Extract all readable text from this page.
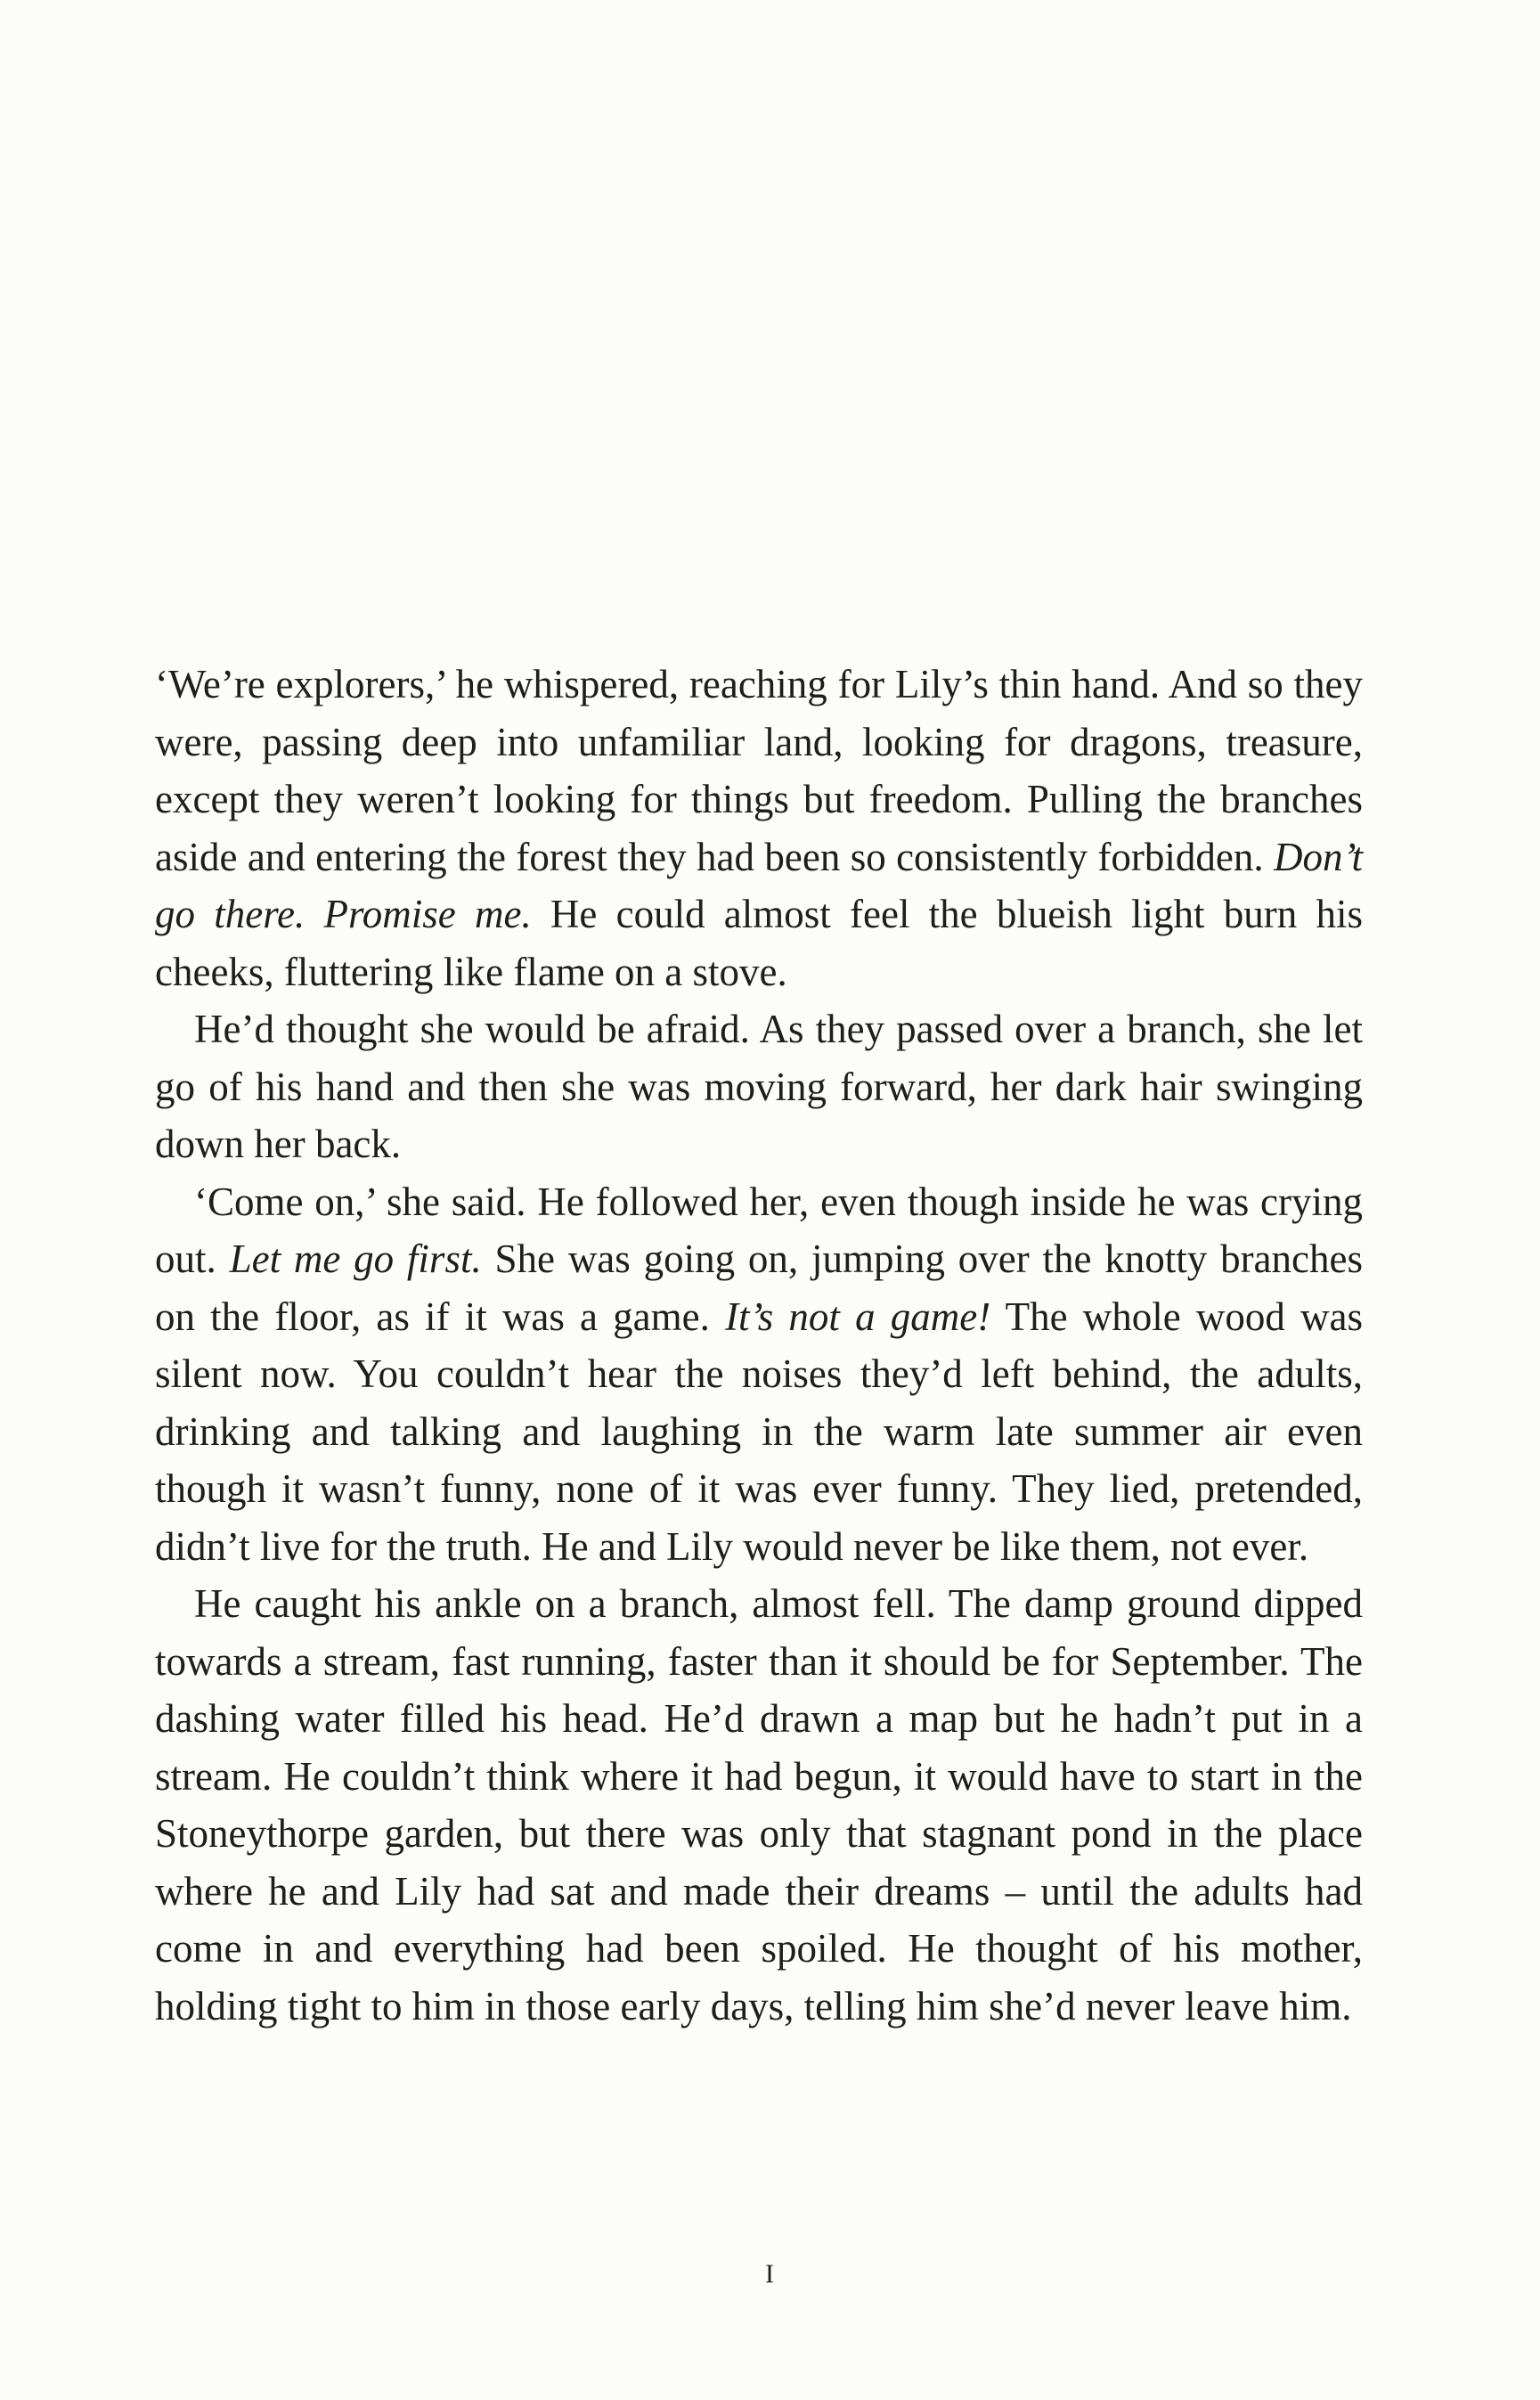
‘We’re explorers,’ he whispered, reaching for Lily’s thin hand. And so they were, passing deep into unfamiliar land, looking for dragons, treasure, except they weren’t looking for things but freedom. Pulling the branches aside and entering the forest they had been so consistently forbidden. Don’t go there. Promise me. He could almost feel the blueish light burn his cheeks, fluttering like flame on a stove.

He’d thought she would be afraid. As they passed over a branch, she let go of his hand and then she was moving forward, her dark hair swinging down her back.

‘Come on,’ she said. He followed her, even though inside he was crying out. Let me go first. She was going on, jumping over the knotty branches on the floor, as if it was a game. It’s not a game! The whole wood was silent now. You couldn’t hear the noises they’d left behind, the adults, drinking and talking and laughing in the warm late summer air even though it wasn’t funny, none of it was ever funny. They lied, pretended, didn’t live for the truth. He and Lily would never be like them, not ever.

He caught his ankle on a branch, almost fell. The damp ground dipped towards a stream, fast running, faster than it should be for September. The dashing water filled his head. He’d drawn a map but he hadn’t put in a stream. He couldn’t think where it had begun, it would have to start in the Stoneythorpe garden, but there was only that stagnant pond in the place where he and Lily had sat and made their dreams – until the adults had come in and everything had been spoiled. He thought of his mother, holding tight to him in those early days, telling him she’d never leave him.

I
